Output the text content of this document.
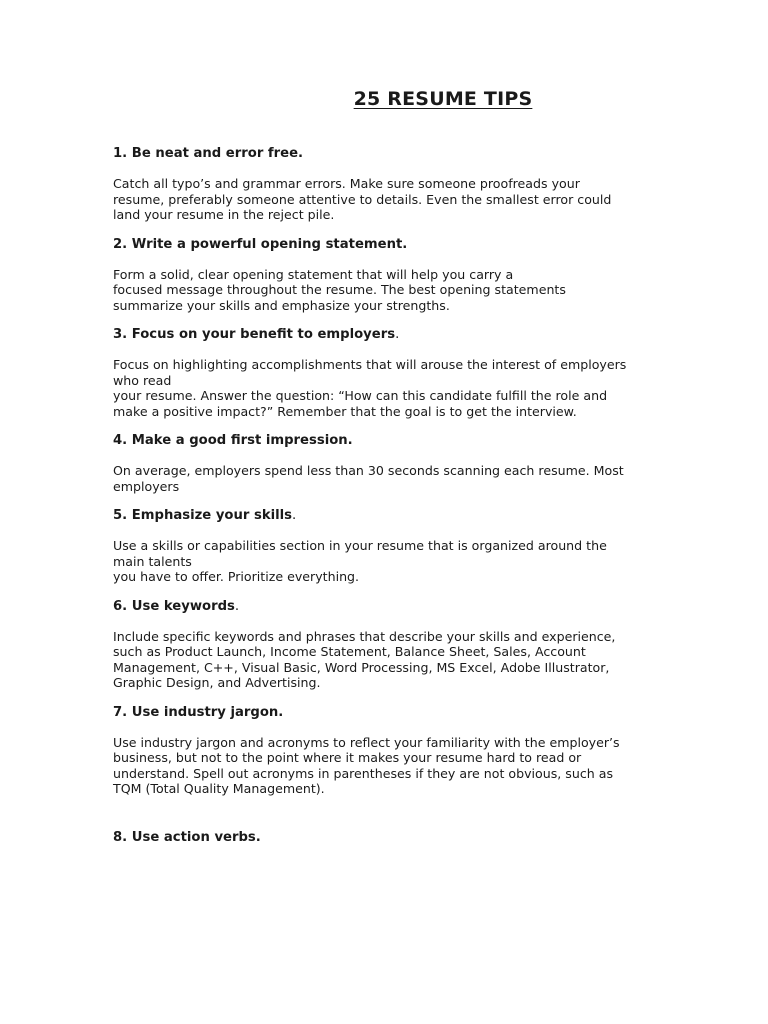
25 RESUME TIPS

1. Be neat and error free.

Catch all typo’s and grammar errors. Make sure someone proofreads your
resume, preferably someone attentive to details. Even the smallest error could
land your resume in the reject pile.

2. Write a powerful opening statement.

Form a solid, clear opening statement that will help you carry a
focused message throughout the resume. The best opening statements
summarize your skills and emphasize your strengths.

3. Focus on your benefit to employers.

Focus on highlighting accomplishments that will arouse the interest of employers
who read
your resume. Answer the question: “How can this candidate fulfill the role and
make a positive impact?” Remember that the goal is to get the interview.

4. Make a good first impression.

On average, employers spend less than 30 seconds scanning each resume. Most
employers

5. Emphasize your skills.

Use a skills or capabilities section in your resume that is organized around the
main talents
you have to offer. Prioritize everything.

6. Use keywords.

Include specific keywords and phrases that describe your skills and experience,
such as Product Launch, Income Statement, Balance Sheet, Sales, Account
Management, C++, Visual Basic, Word Processing, MS Excel, Adobe Illustrator,
Graphic Design, and Advertising.

7. Use industry jargon.

Use industry jargon and acronyms to reflect your familiarity with the employer’s
business, but not to the point where it makes your resume hard to read or
understand. Spell out acronyms in parentheses if they are not obvious, such as
TQM (Total Quality Management).

8. Use action verbs.
